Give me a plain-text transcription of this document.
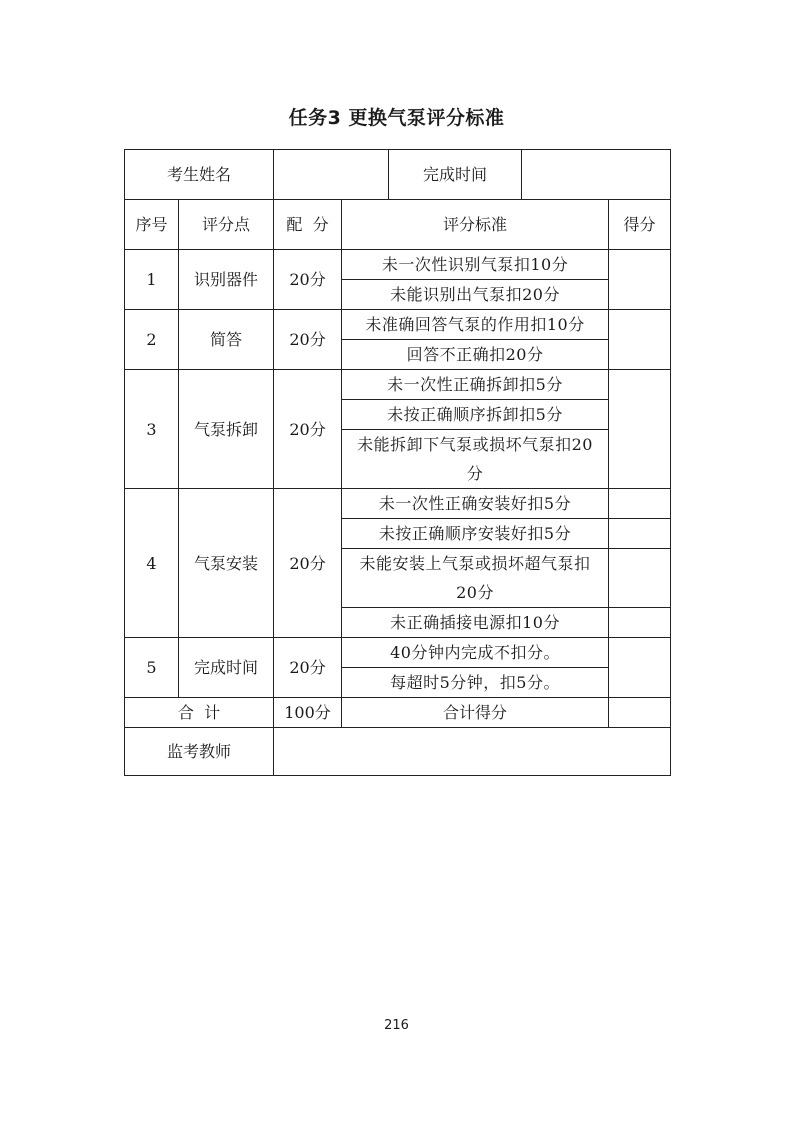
任务3 更换气泵评分标准
考生姓名				完成时间		
序号	评分点	配  分	评分标准			得分
1	识别器件	20分	未一次性识别气泵扣10分			
			未能识别出气泵扣20分			
2	简答	20分	未准确回答气泵的作用扣10分			
			回答不正确扣20分			
3	气泵拆卸	20分	未一次性正确拆卸扣5分			
			未按正确顺序拆卸扣5分			
			未能拆卸下气泵或损坏气泵扣20分			
4	气泵安装	20分	未一次性正确安装好扣5分			
			未按正确顺序安装好扣5分			
			未能安装上气泵或损坏超气泵扣20分			
			未正确插接电源扣10分			
5	完成时间	20分	40分钟内完成不扣分。			
			每超时5分钟，扣5分。			
合  计		100分	合计得分			
监考教师						
216
